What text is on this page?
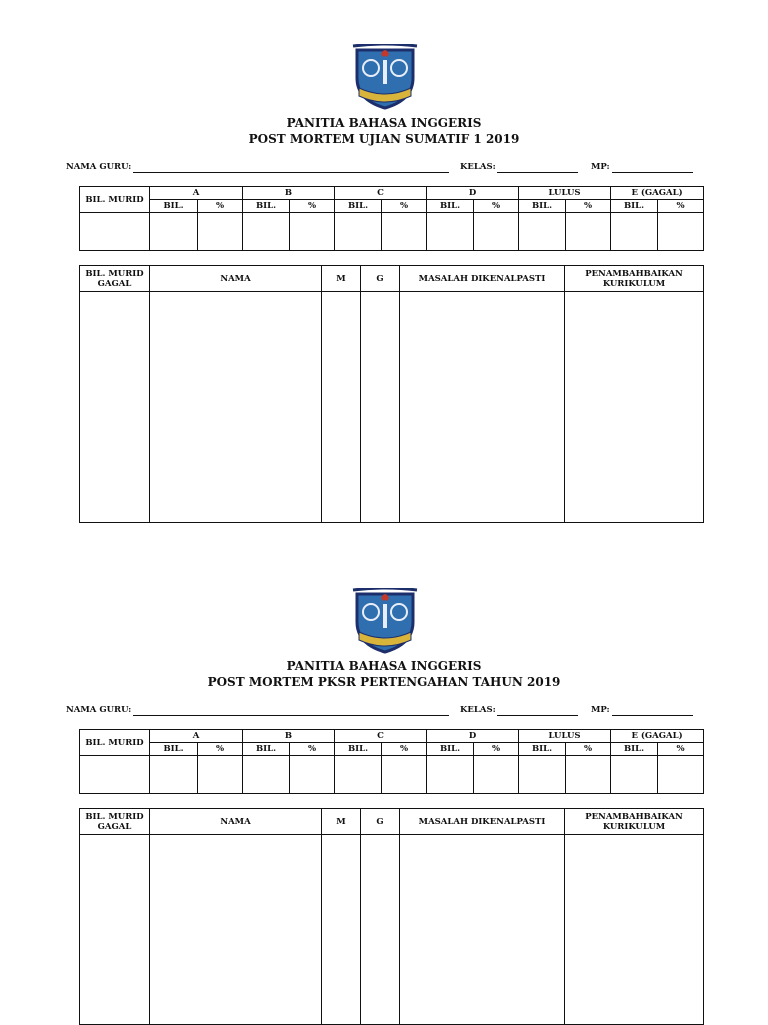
PANITIA BAHASA INGGERIS
POST MORTEM UJIAN SUMATIF 1 2019
NAMA GURU:	KELAS:	MP:
BIL. MURID	A		B		C		D		LULUS		E (GAGAL)	
	BIL.	%	BIL.	%	BIL.	%	BIL.	%	BIL.	%	BIL.	%

BIL. MURID GAGAL	NAMA	M	G	MASALAH DIKENALPASTI	PENAMBAHBAIKAN KURIKULUM

PANITIA BAHASA INGGERIS
POST MORTEM PKSR PERTENGAHAN TAHUN 2019
NAMA GURU:	KELAS:	MP:
BIL. MURID	A		B		C		D		LULUS		E (GAGAL)	
	BIL.	%	BIL.	%	BIL.	%	BIL.	%	BIL.	%	BIL.	%

BIL. MURID GAGAL	NAMA	M	G	MASALAH DIKENALPASTI	PENAMBAHBAIKAN KURIKULUM
